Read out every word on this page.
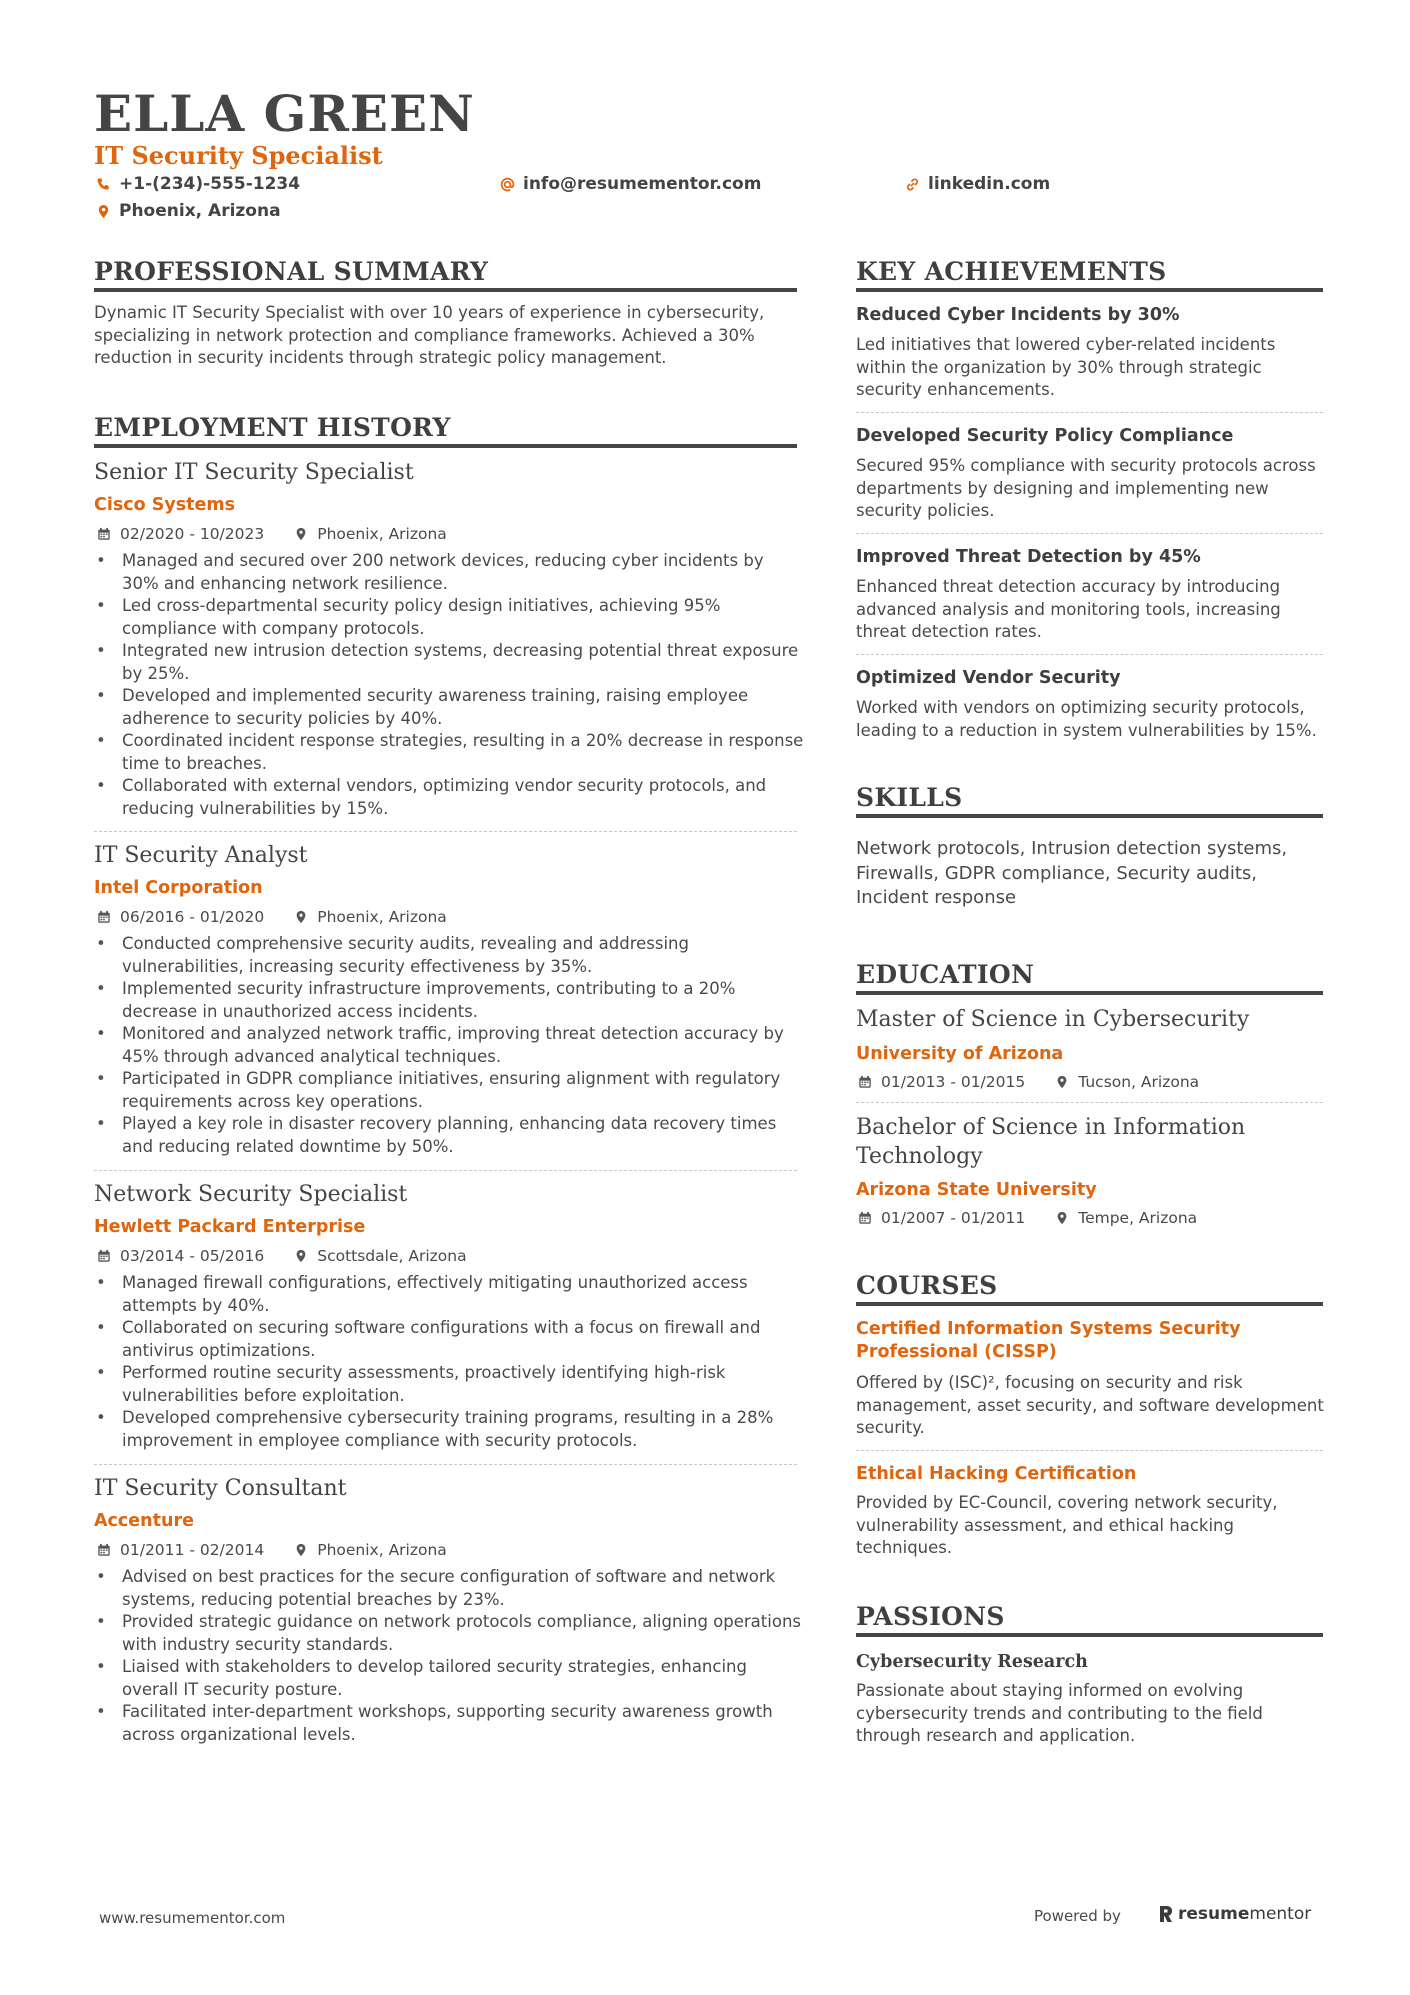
ELLA GREEN
IT Security Specialist
+1-(234)-555-1234	info@resumementor.com	linkedin.com
Phoenix, Arizona
PROFESSIONAL SUMMARY
Dynamic IT Security Specialist with over 10 years of experience in cybersecurity, specializing in network protection and compliance frameworks. Achieved a 30% reduction in security incidents through strategic policy management.
EMPLOYMENT HISTORY
Senior IT Security Specialist
Cisco Systems
02/2020 - 10/2023	Phoenix, Arizona
• Managed and secured over 200 network devices, reducing cyber incidents by 30% and enhancing network resilience.
• Led cross-departmental security policy design initiatives, achieving 95% compliance with company protocols.
• Integrated new intrusion detection systems, decreasing potential threat exposure by 25%.
• Developed and implemented security awareness training, raising employee adherence to security policies by 40%.
• Coordinated incident response strategies, resulting in a 20% decrease in response time to breaches.
• Collaborated with external vendors, optimizing vendor security protocols, and reducing vulnerabilities by 15%.
IT Security Analyst
Intel Corporation
06/2016 - 01/2020	Phoenix, Arizona
• Conducted comprehensive security audits, revealing and addressing vulnerabilities, increasing security effectiveness by 35%.
• Implemented security infrastructure improvements, contributing to a 20% decrease in unauthorized access incidents.
• Monitored and analyzed network traffic, improving threat detection accuracy by 45% through advanced analytical techniques.
• Participated in GDPR compliance initiatives, ensuring alignment with regulatory requirements across key operations.
• Played a key role in disaster recovery planning, enhancing data recovery times and reducing related downtime by 50%.
Network Security Specialist
Hewlett Packard Enterprise
03/2014 - 05/2016	Scottsdale, Arizona
• Managed firewall configurations, effectively mitigating unauthorized access attempts by 40%.
• Collaborated on securing software configurations with a focus on firewall and antivirus optimizations.
• Performed routine security assessments, proactively identifying high-risk vulnerabilities before exploitation.
• Developed comprehensive cybersecurity training programs, resulting in a 28% improvement in employee compliance with security protocols.
IT Security Consultant
Accenture
01/2011 - 02/2014	Phoenix, Arizona
• Advised on best practices for the secure configuration of software and network systems, reducing potential breaches by 23%.
• Provided strategic guidance on network protocols compliance, aligning operations with industry security standards.
• Liaised with stakeholders to develop tailored security strategies, enhancing overall IT security posture.
• Facilitated inter-department workshops, supporting security awareness growth across organizational levels.
KEY ACHIEVEMENTS
Reduced Cyber Incidents by 30%
Led initiatives that lowered cyber-related incidents within the organization by 30% through strategic security enhancements.
Developed Security Policy Compliance
Secured 95% compliance with security protocols across departments by designing and implementing new security policies.
Improved Threat Detection by 45%
Enhanced threat detection accuracy by introducing advanced analysis and monitoring tools, increasing threat detection rates.
Optimized Vendor Security
Worked with vendors on optimizing security protocols, leading to a reduction in system vulnerabilities by 15%.
SKILLS
Network protocols, Intrusion detection systems, Firewalls, GDPR compliance, Security audits, Incident response
EDUCATION
Master of Science in Cybersecurity
University of Arizona
01/2013 - 01/2015	Tucson, Arizona
Bachelor of Science in Information Technology
Arizona State University
01/2007 - 01/2011	Tempe, Arizona
COURSES
Certified Information Systems Security Professional (CISSP)
Offered by (ISC)², focusing on security and risk management, asset security, and software development security.
Ethical Hacking Certification
Provided by EC-Council, covering network security, vulnerability assessment, and ethical hacking techniques.
PASSIONS
Cybersecurity Research
Passionate about staying informed on evolving cybersecurity trends and contributing to the field through research and application.
www.resumementor.com	Powered by	resume mentor
